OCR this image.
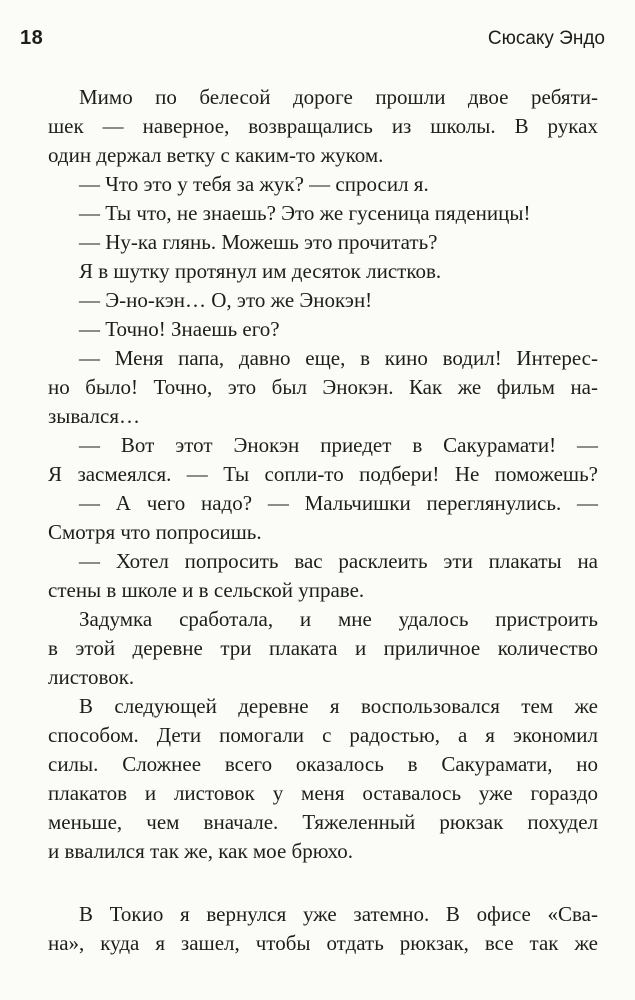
18	Сюсаку Эндо
Мимо по белесой дороге прошли двое ребяти-
шек — наверное, возвращались из школы. В руках
один держал ветку с каким-то жуком.
— Что это у тебя за жук? — спросил я.
— Ты что, не знаешь? Это же гусеница пяденицы!
— Ну-ка глянь. Можешь это прочитать?
Я в шутку протянул им десяток листков.
— Э-но-кэн… О, это же Энокэн!
— Точно! Знаешь его?
— Меня папа, давно еще, в кино водил! Интерес-
но было! Точно, это был Энокэн. Как же фильм на-
зывался…
— Вот этот Энокэн приедет в Сакурамати! —
Я засмеялся. — Ты сопли-то подбери! Не поможешь?
— А чего надо? — Мальчишки переглянулись. —
Смотря что попросишь.
— Хотел попросить вас расклеить эти плакаты на
стены в школе и в сельской управе.
Задумка сработала, и мне удалось пристроить
в этой деревне три плаката и приличное количество
листовок.
В следующей деревне я воспользовался тем же
способом. Дети помогали с радостью, а я экономил
силы. Сложнее всего оказалось в Сакурамати, но
плакатов и листовок у меня оставалось уже гораздо
меньше, чем вначале. Тяжеленный рюкзак похудел
и ввалился так же, как мое брюхо.
В Токио я вернулся уже затемно. В офисе «Сва-
на», куда я зашел, чтобы отдать рюкзак, все так же
